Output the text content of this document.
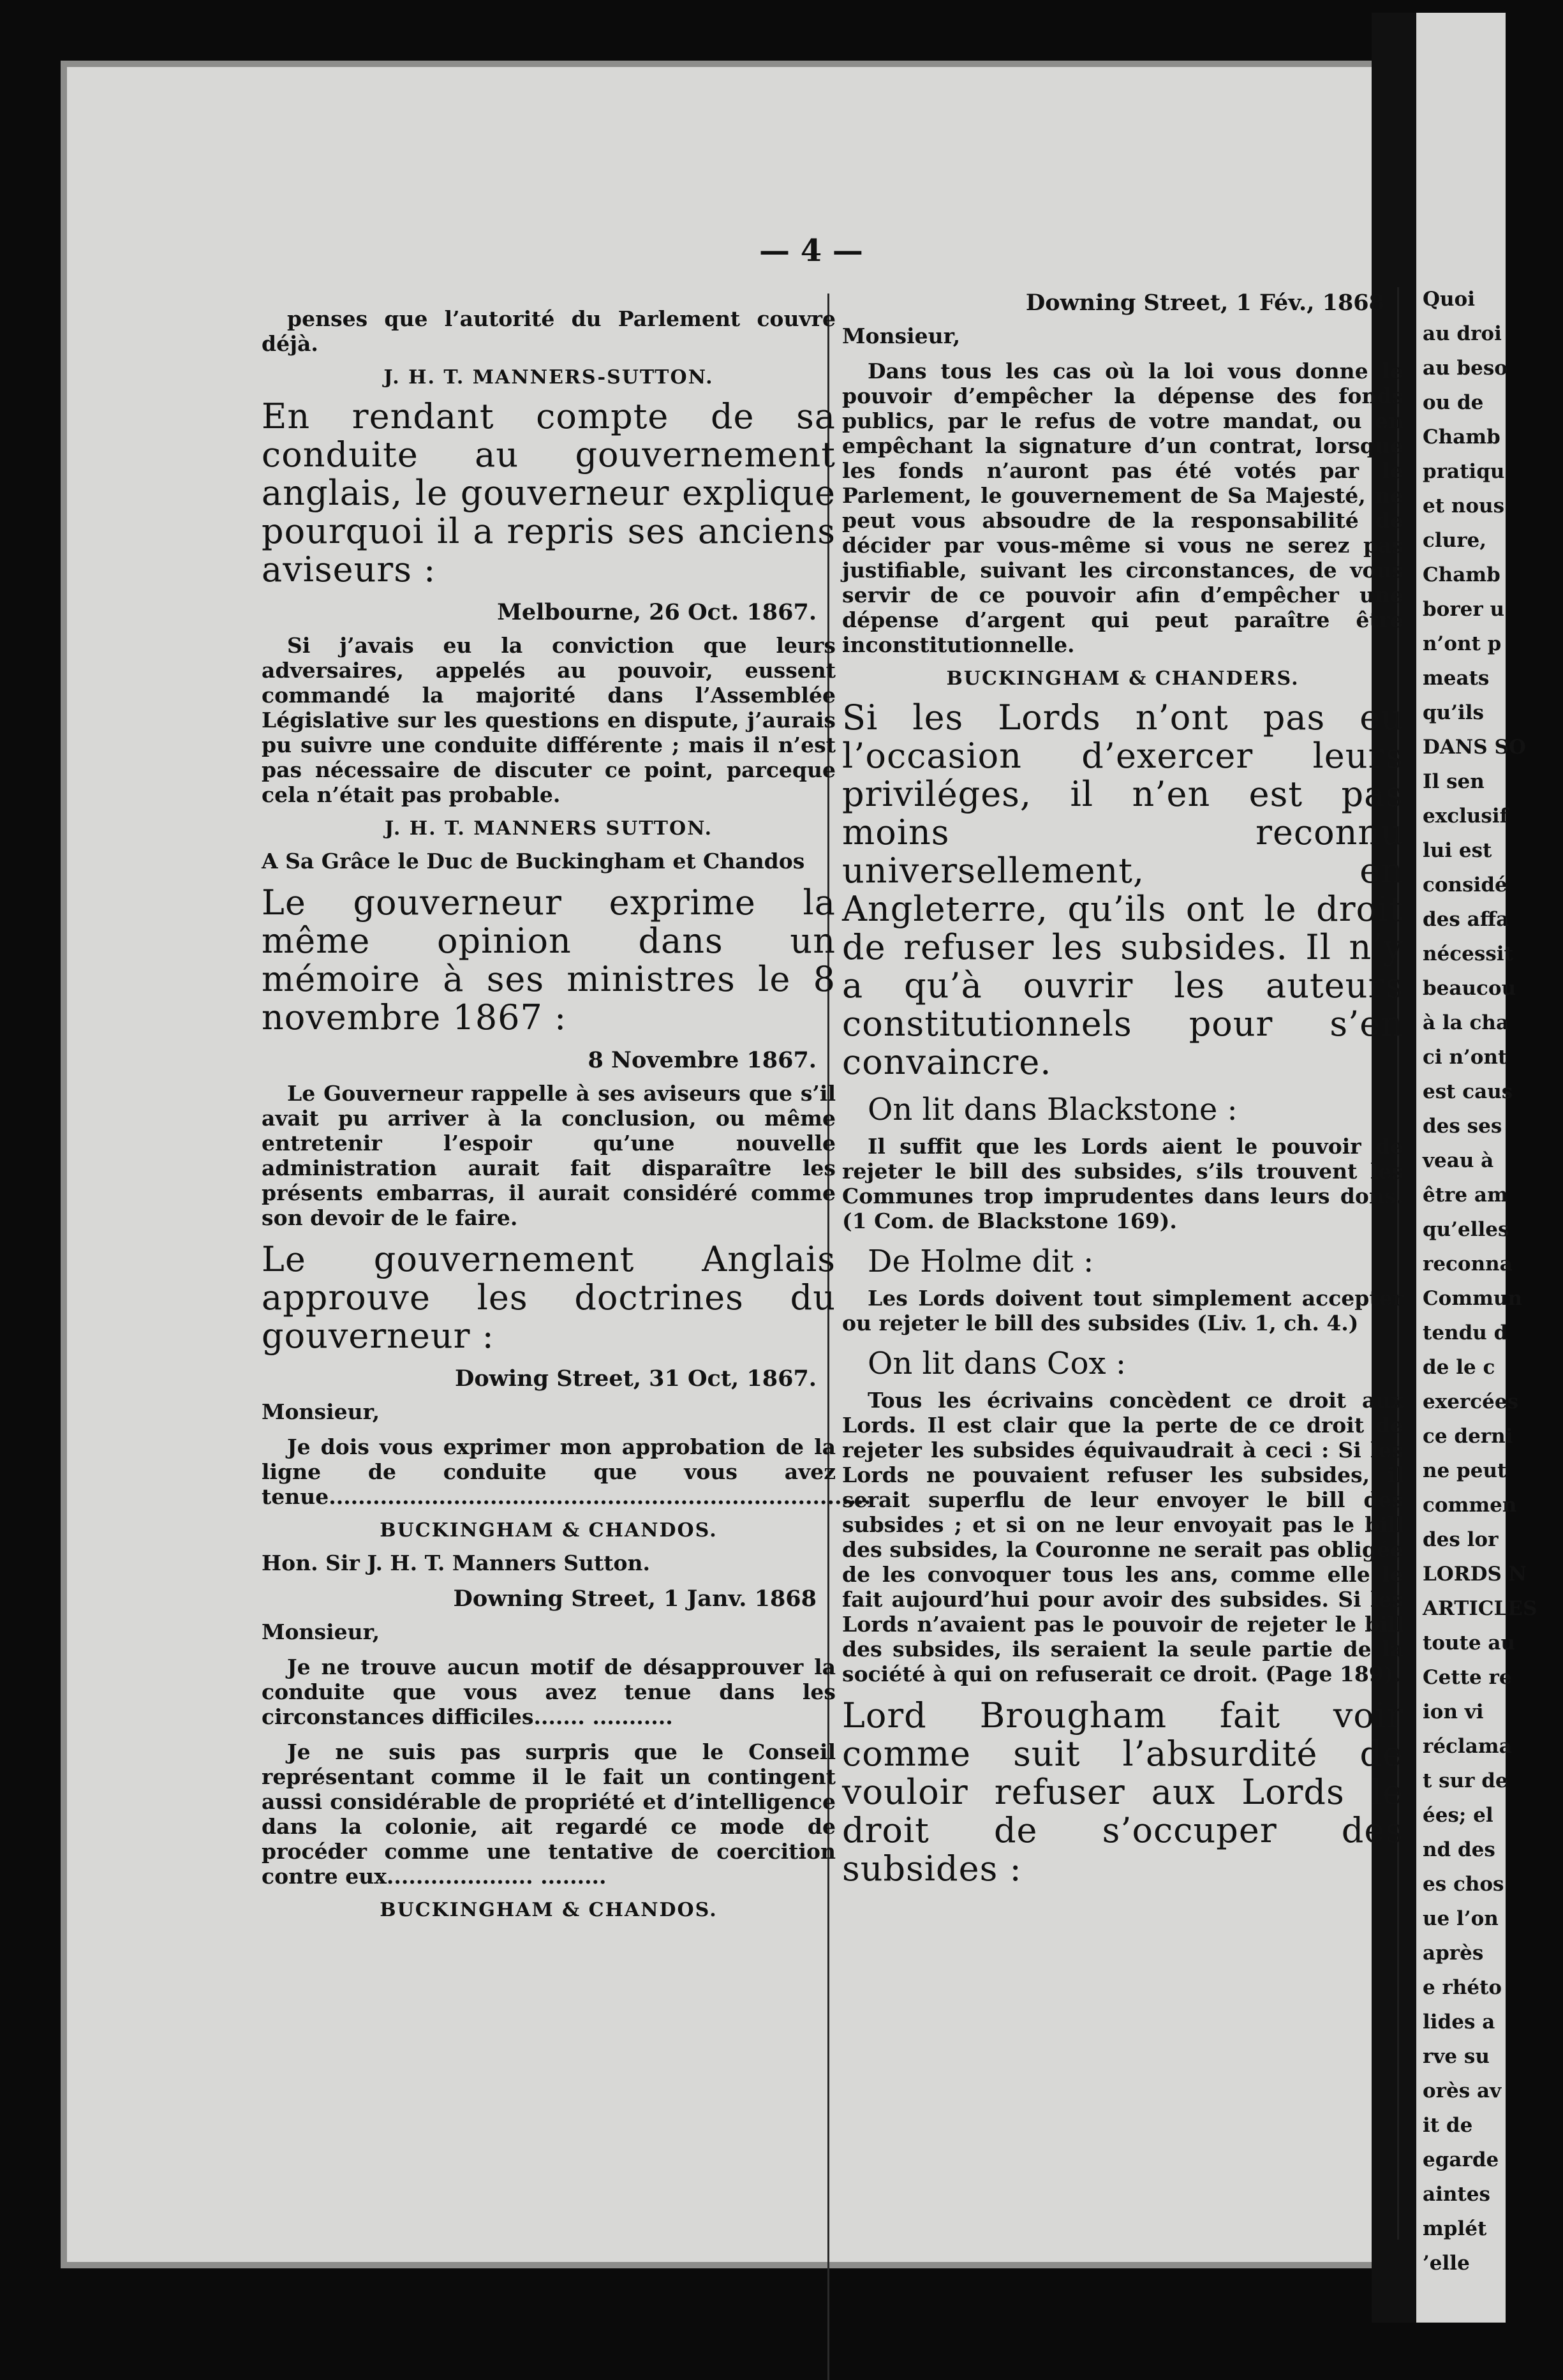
Quoi
au droi
au beso
ou de
Chamb
pratiqu
et nous
clure,
Chamb
borer u
n’ont p
meats
qu’ils
DANS SO
Il sen
exclusif
lui est
considé
des affa
nécessit
beaucou
à la cha
ci n’ont
est caus
des ses
veau à
être am
qu’elles
reconna
Commun
tendu d
de le c
exercées
ce derni
ne peut
commen
des lor
LORDS N
ARTICLES
toute au
Cette re
ion vi
réclama
t sur de
ées; el
nd des
es chos
ue l’on
après
e rhéto
lides a
rve su
orès av
it de
egarde
aintes
mplét
’elle
— 4 —

penses que l’autorité du Parlement couvre déjà.

J. H. T. MANNERS-SUTTON.

En rendant compte de sa conduite au gouvernement anglais, le gouverneur explique pourquoi il a repris ses anciens aviseurs :

Melbourne, 26 Oct. 1867.

Si j’avais eu la conviction que leurs adversaires, appelés au pouvoir, eussent commandé la majorité dans l’Assemblée Législative sur les questions en dispute, j’aurais pu suivre une conduite différente ; mais il n’est pas nécessaire de discuter ce point, parceque cela n’était pas probable.

J. H. T. MANNERS SUTTON.

A Sa Grâce le Duc de Buckingham et Chandos

Le gouverneur exprime la même opinion dans un mémoire à ses ministres le 8 novembre 1867 :

8 Novembre 1867.

Le Gouverneur rappelle à ses aviseurs que s’il avait pu arriver à la conclusion, ou même entretenir l’espoir qu’une nouvelle administration aurait fait disparaître les présents embarras, il aurait considéré comme son devoir de le faire.

Le gouvernement Anglais approuve les doctrines du gouverneur :

Dowing Street, 31 Oct, 1867.

Monsieur,

Je dois vous exprimer mon approbation de la ligne de conduite que vous avez tenue..........................................................................

BUCKINGHAM & CHANDOS.

Hon. Sir J. H. T. Manners Sutton.

Downing Street, 1 Janv. 1868

Monsieur,

Je ne trouve aucun motif de désapprouver la conduite que vous avez tenue dans les circonstances difficiles....... ...........

Je ne suis pas surpris que le Conseil représentant comme il le fait un contingent aussi considérable de propriété et d’intelligence dans la colonie, ait regardé ce mode de procéder comme une tentative de coercition contre eux.................... .........

BUCKINGHAM & CHANDOS.

Downing Street, 1 Fév., 1868

Monsieur,

Dans tous les cas où la loi vous donne le pouvoir d’empêcher la dépense des fonds publics, par le refus de votre mandat, ou en empêchant la signature d’un contrat, lorsque les fonds n’auront pas été votés par le Parlement, le gouvernement de Sa Majesté, ne peut vous absoudre de la responsabilité de décider par vous-même si vous ne serez pas justifiable, suivant les circonstances, de vous servir de ce pouvoir afin d’empêcher une dépense d’argent qui peut paraître être inconstitutionnelle.

BUCKINGHAM & CHANDERS.

Si les Lords n’ont pas eu l’occasion d’exercer leurs priviléges, il n’en est pas moins reconnu universellement, en Angleterre, qu’ils ont le droit de refuser les subsides. Il n’y a qu’à ouvrir les auteurs constitutionnels pour s’en convaincre.

On lit dans Blackstone :

Il suffit que les Lords aient le pouvoir de rejeter le bill des subsides, s’ils trouvent les Communes trop imprudentes dans leurs dons. (1 Com. de Blackstone 169).

De Holme dit :

Les Lords doivent tout simplement accepter ou rejeter le bill des subsides (Liv. 1, ch. 4.)

On lit dans Cox :

Tous les écrivains concèdent ce droit aux Lords. Il est clair que la perte de ce droit de rejeter les subsides équivaudrait à ceci : Si les Lords ne pouvaient refuser les subsides, il serait superflu de leur envoyer le bill des subsides ; et si on ne leur envoyait pas le bill des subsides, la Couronne ne serait pas obligée de les convoquer tous les ans, comme elle le fait aujourd’hui pour avoir des subsides. Si les Lords n’avaient pas le pouvoir de rejeter le bill des subsides, ils seraient la seule partie de la société à qui on refuserait ce droit. (Page 189).

Lord Brougham fait voir comme suit l’absurdité de vouloir refuser aux Lords le droit de s’occuper des subsides :
